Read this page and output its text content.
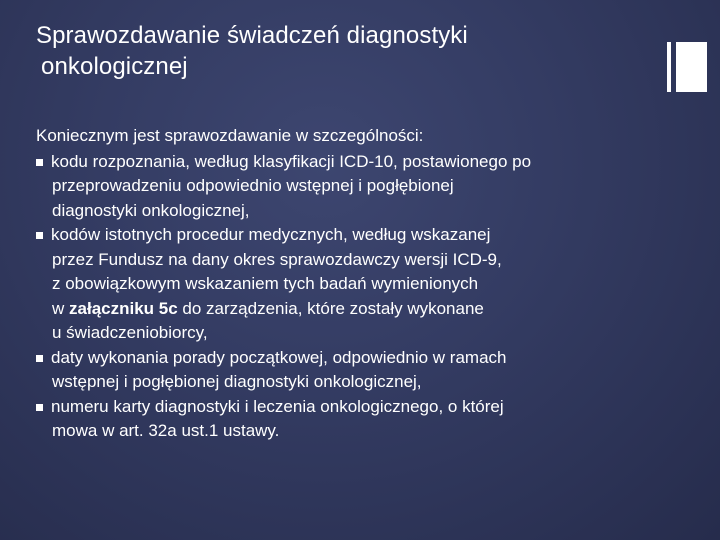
Sprawozdawanie świadczeń diagnostyki
onkologicznej
Koniecznym jest sprawozdawanie w szczególności:
kodu rozpoznania, według klasyfikacji ICD-10, postawionego po
przeprowadzeniu odpowiednio wstępnej i pogłębionej
diagnostyki onkologicznej,
kodów istotnych procedur medycznych, według wskazanej
przez Fundusz na dany okres sprawozdawczy wersji ICD-9,
z obowiązkowym wskazaniem tych badań wymienionych
w załączniku 5c do zarządzenia, które zostały wykonane
u świadczeniobiorcy,
daty wykonania porady początkowej, odpowiednio w ramach
wstępnej i pogłębionej diagnostyki onkologicznej,
numeru karty diagnostyki i leczenia onkologicznego, o której
mowa w art. 32a ust.1 ustawy.
